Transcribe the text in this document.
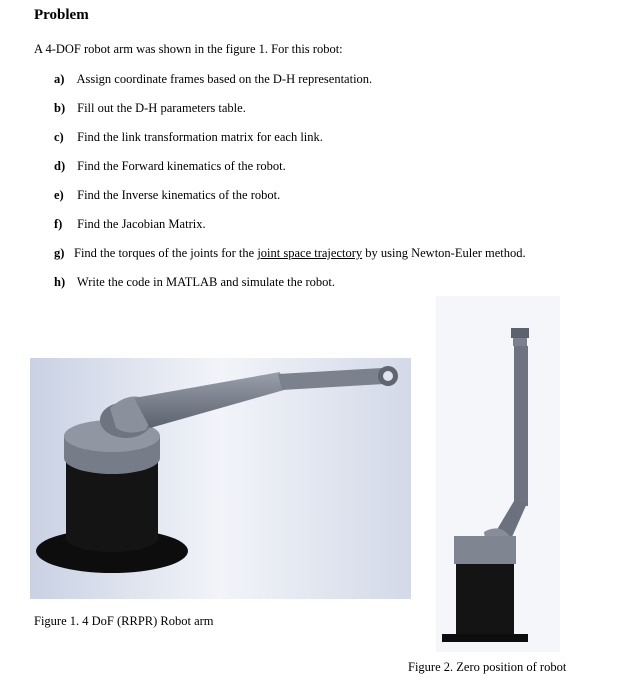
Problem
A 4-DOF robot arm was shown in the figure 1. For this robot:
a) Assign coordinate frames based on the D-H representation.
b) Fill out the D-H parameters table.
c) Find the link transformation matrix for each link.
d) Find the Forward kinematics of the robot.
e) Find the Inverse kinematics of the robot.
f) Find the Jacobian Matrix.
g) Find the torques of the joints for the joint space trajectory by using Newton-Euler method.
h) Write the code in MATLAB and simulate the robot.
Figure 1. 4 DoF (RRPR) Robot arm
Figure 2. Zero position of robot
